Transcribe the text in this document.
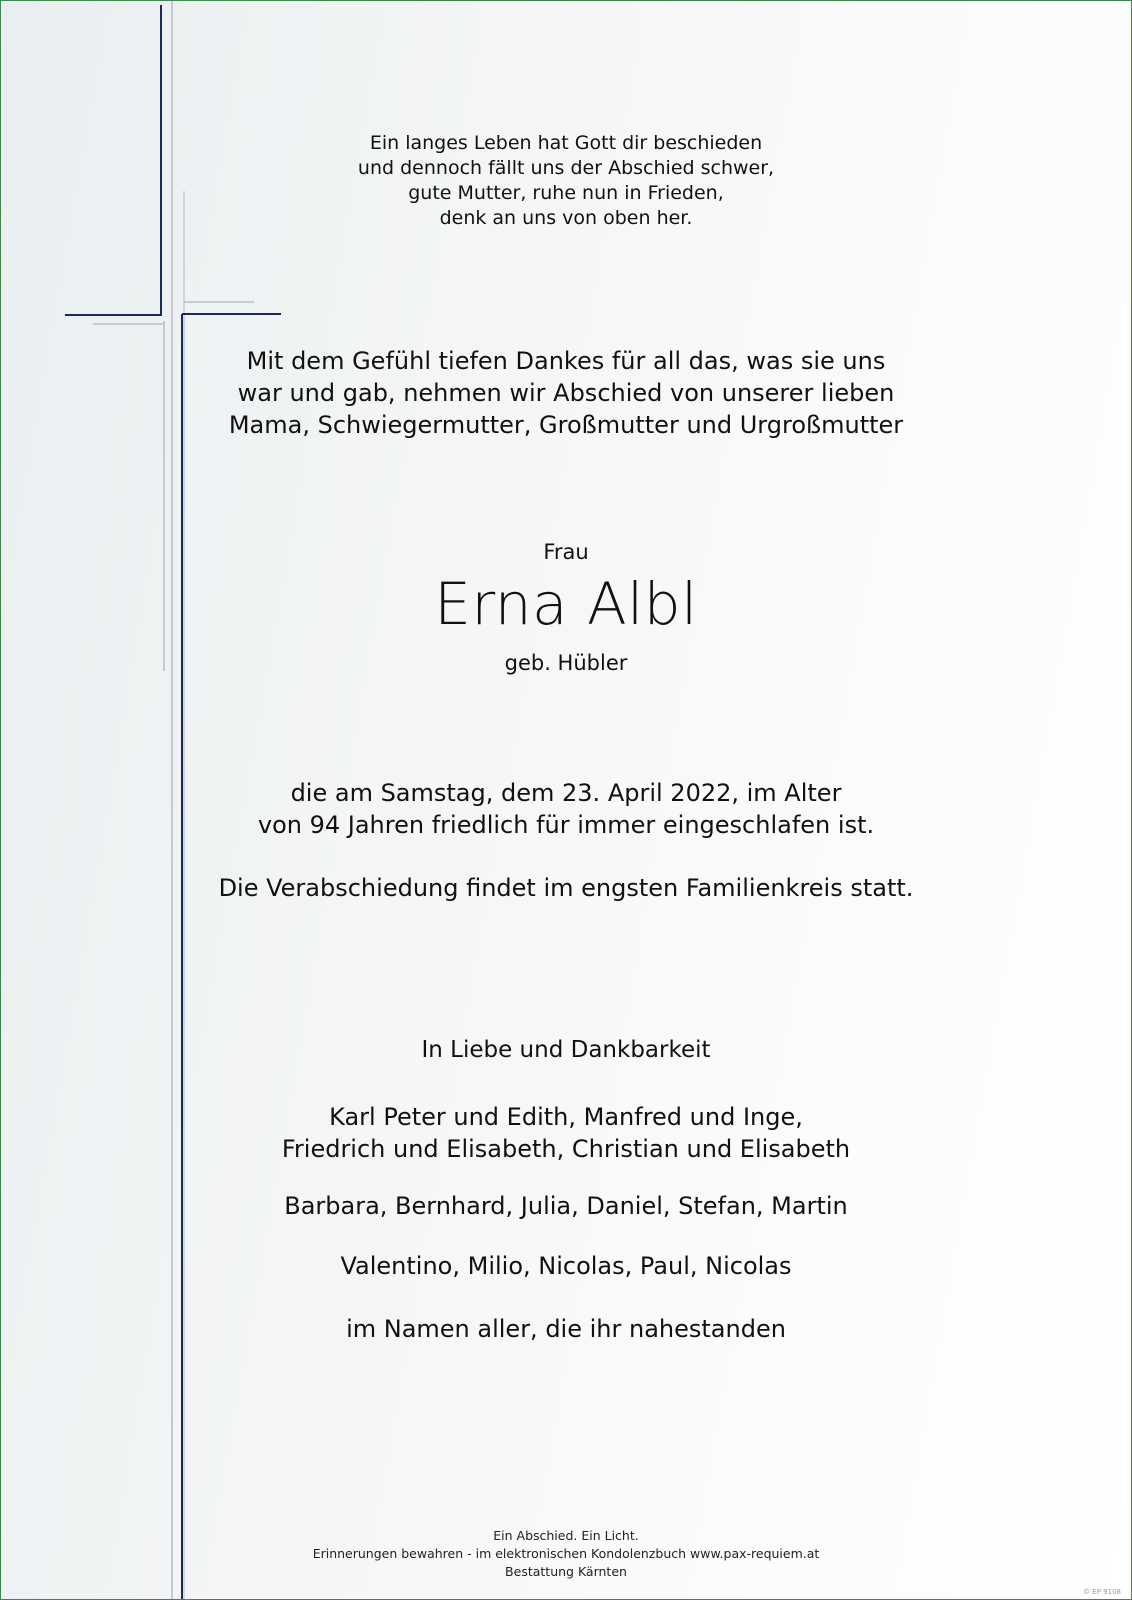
Ein langes Leben hat Gott dir beschieden
und dennoch fällt uns der Abschied schwer,
gute Mutter, ruhe nun in Frieden,
denk an uns von oben her.
Mit dem Gefühl tiefen Dankes für all das, was sie uns
war und gab, nehmen wir Abschied von unserer lieben
Mama, Schwiegermutter, Großmutter und Urgroßmutter
Frau
Erna Albl
geb. Hübler
die am Samstag, dem 23. April 2022, im Alter
von 94 Jahren friedlich für immer eingeschlafen ist.
Die Verabschiedung findet im engsten Familienkreis statt.
In Liebe und Dankbarkeit
Karl Peter und Edith, Manfred und Inge,
Friedrich und Elisabeth, Christian und Elisabeth
Barbara, Bernhard, Julia, Daniel, Stefan, Martin
Valentino, Milio, Nicolas, Paul, Nicolas
im Namen aller, die ihr nahestanden
Ein Abschied. Ein Licht.
Erinnerungen bewahren - im elektronischen Kondolenzbuch www.pax-requiem.at
Bestattung Kärnten
© EP 9108
